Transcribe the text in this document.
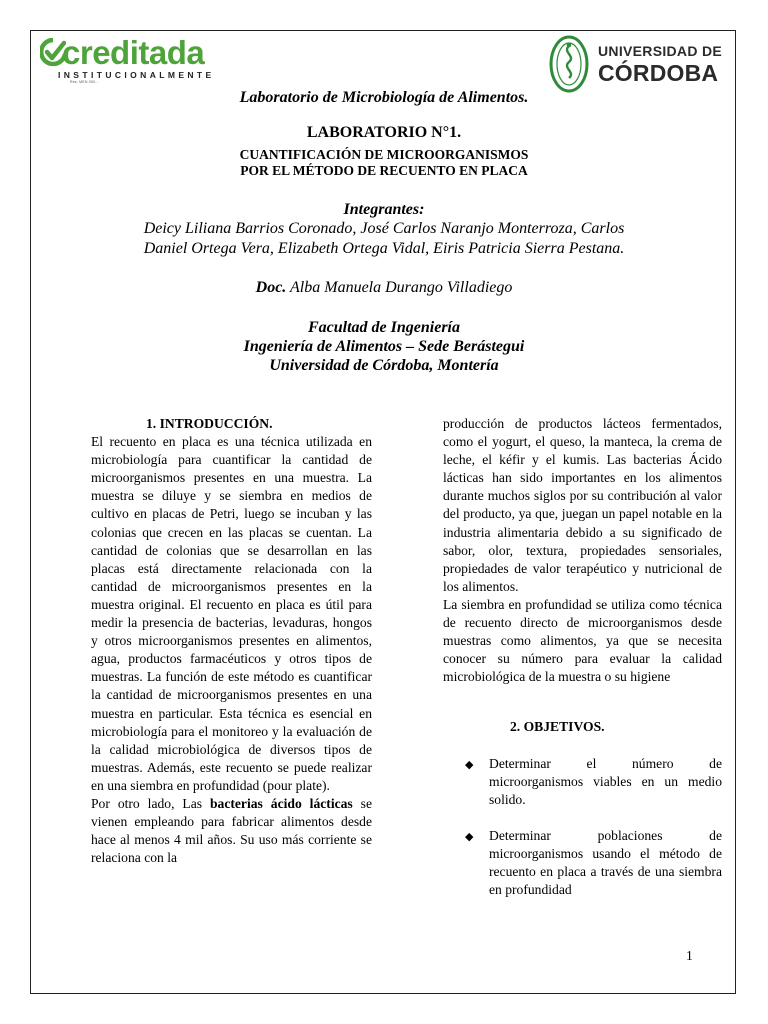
creditada
INSTITUCIONALMENTE
Res. MEN 000...
UNIVERSIDAD DE
CÓRDOBA
Laboratorio de Microbiología de Alimentos.
LABORATORIO N°1.
CUANTIFICACIÓN DE MICROORGANISMOS
POR EL MÉTODO DE RECUENTO EN PLACA
Integrantes:
Deicy Liliana Barrios Coronado, José Carlos Naranjo Monterroza, Carlos
Daniel Ortega Vera, Elizabeth Ortega Vidal, Eiris Patricia Sierra Pestana.
Doc. Alba Manuela Durango Villadiego
Facultad de Ingeniería
Ingeniería de Alimentos – Sede Berástegui
Universidad de Córdoba, Montería

1. INTRODUCCIÓN.

El recuento en placa es una técnica utilizada en microbiología para cuantificar la cantidad de microorganismos presentes en una muestra. La muestra se diluye y se siembra en medios de cultivo en placas de Petri, luego se incuban y las colonias que crecen en las placas se cuentan. La cantidad de colonias que se desarrollan en las placas está directamente relacionada con la cantidad de microorganismos presentes en la muestra original. El recuento en placa es útil para medir la presencia de bacterias, levaduras, hongos y otros microorganismos presentes en alimentos, agua, productos farmacéuticos y otros tipos de muestras. La función de este método es cuantificar la cantidad de microorganismos presentes en una muestra en particular. Esta técnica es esencial en microbiología para el monitoreo y la evaluación de la calidad microbiológica de diversos tipos de muestras. Además, este recuento se puede realizar en una siembra en profundidad (pour plate).

Por otro lado, Las bacterias ácido lácticas se vienen empleando para fabricar alimentos desde hace al menos 4 mil años. Su uso más corriente se relaciona con la

producción de productos lácteos fermentados, como el yogurt, el queso, la manteca, la crema de leche, el kéfir y el kumis. Las bacterias Ácido lácticas han sido importantes en los alimentos durante muchos siglos por su contribución al valor del producto, ya que, juegan un papel notable en la industria alimentaria debido a su significado de sabor, olor, textura, propiedades sensoriales, propiedades de valor terapéutico y nutricional de los alimentos.

La siembra en profundidad se utiliza como técnica de recuento directo de microorganismos desde muestras como alimentos, ya que se necesita conocer su número para evaluar la calidad microbiológica de la muestra o su higiene

2. OBJETIVOS.

◆ Determinar el número de microorganismos viables en un medio solido.
◆ Determinar poblaciones de microorganismos usando el método de recuento en placa a través de una siembra en profundidad
1
